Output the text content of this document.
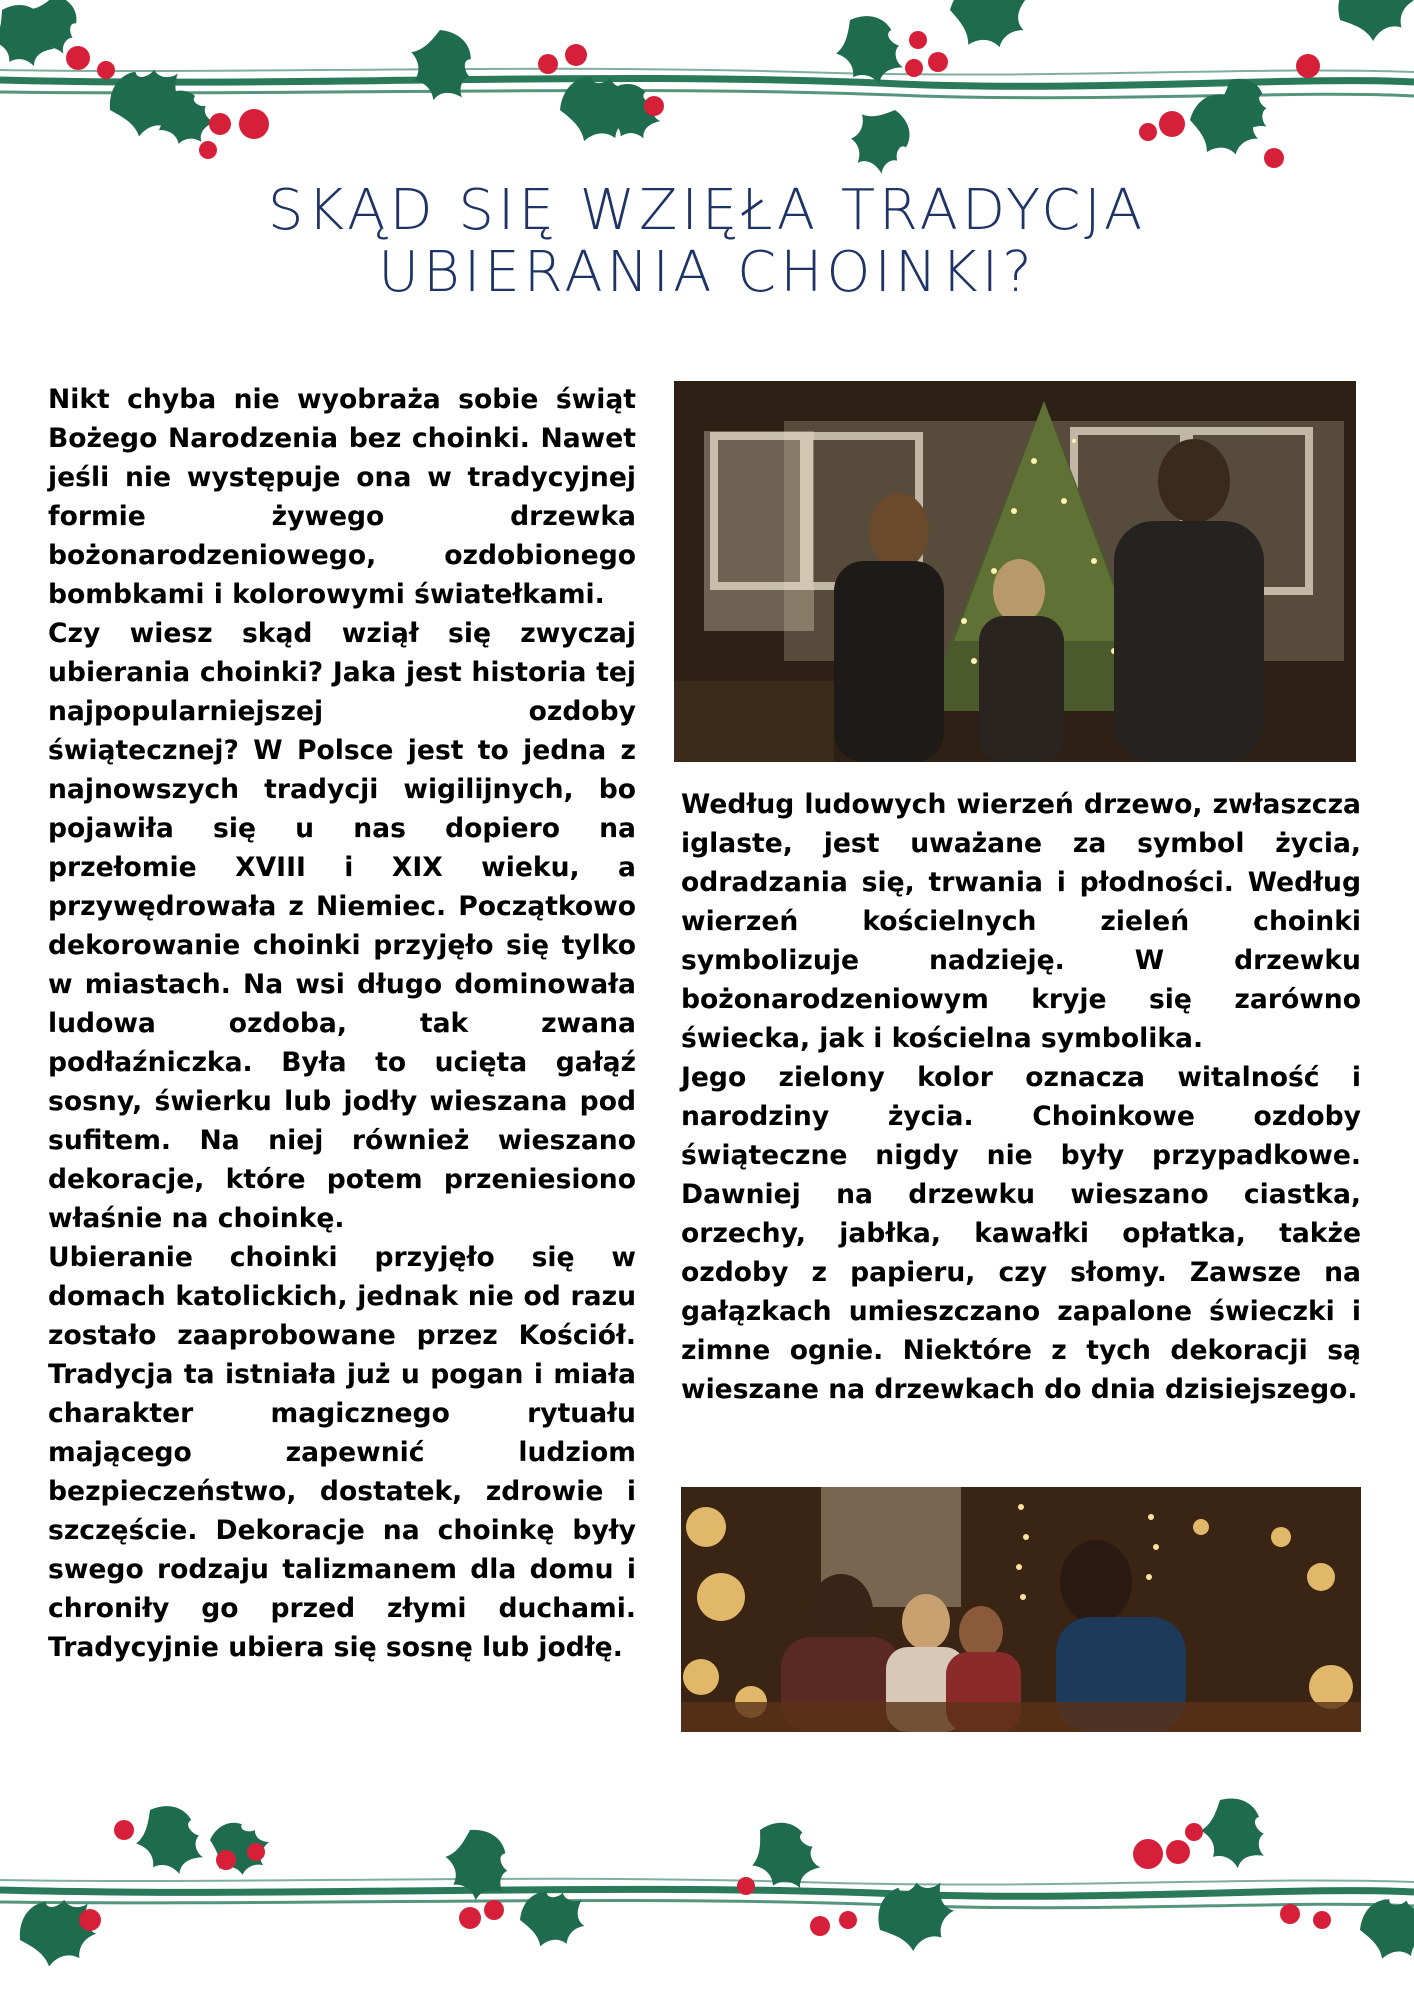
SKĄD SIĘ WZIĘŁA TRADYCJA UBIERANIA CHOINKI?

Nikt chyba nie wyobraża sobie świąt Bożego Narodzenia bez choinki. Nawet jeśli nie występuje ona w tradycyjnej formie żywego drzewka bożonarodzeniowego, ozdobionego bombkami i kolorowymi światełkami.

Czy wiesz skąd wziął się zwyczaj ubierania choinki? Jaka jest historia tej najpopularniejszej ozdoby świątecznej? W Polsce jest to jedna z najnowszych tradycji wigilijnych, bo pojawiła się u nas dopiero na przełomie XVIII i XIX wieku, a przywędrowała z Niemiec. Początkowo dekorowanie choinki przyjęło się tylko w miastach. Na wsi długo dominowała ludowa ozdoba, tak zwana podłaźniczka. Była to ucięta gałąź sosny, świerku lub jodły wieszana pod sufitem. Na niej również wieszano dekoracje, które potem przeniesiono właśnie na choinkę.

Ubieranie choinki przyjęło się w domach katolickich, jednak nie od razu zostało zaaprobowane przez Kościół. Tradycja ta istniała już u pogan i miała charakter magicznego rytuału mającego zapewnić ludziom bezpieczeństwo, dostatek, zdrowie i szczęście. Dekoracje na choinkę były swego rodzaju talizmanem dla domu i chroniły go przed złymi duchami. Tradycyjnie ubiera się sosnę lub jodłę.

Według ludowych wierzeń drzewo, zwłaszcza iglaste, jest uważane za symbol życia, odradzania się, trwania i płodności. Według wierzeń kościelnych zieleń choinki symbolizuje nadzieję. W drzewku bożonarodzeniowym kryje się zarówno świecka, jak i kościelna symbolika.

Jego zielony kolor oznacza witalność i narodziny życia. Choinkowe ozdoby świąteczne nigdy nie były przypadkowe. Dawniej na drzewku wieszano ciastka, orzechy, jabłka, kawałki opłatka, także ozdoby z papieru, czy słomy. Zawsze na gałązkach umieszczano zapalone świeczki i zimne ognie. Niektóre z tych dekoracji są wieszane na drzewkach do dnia dzisiejszego.
